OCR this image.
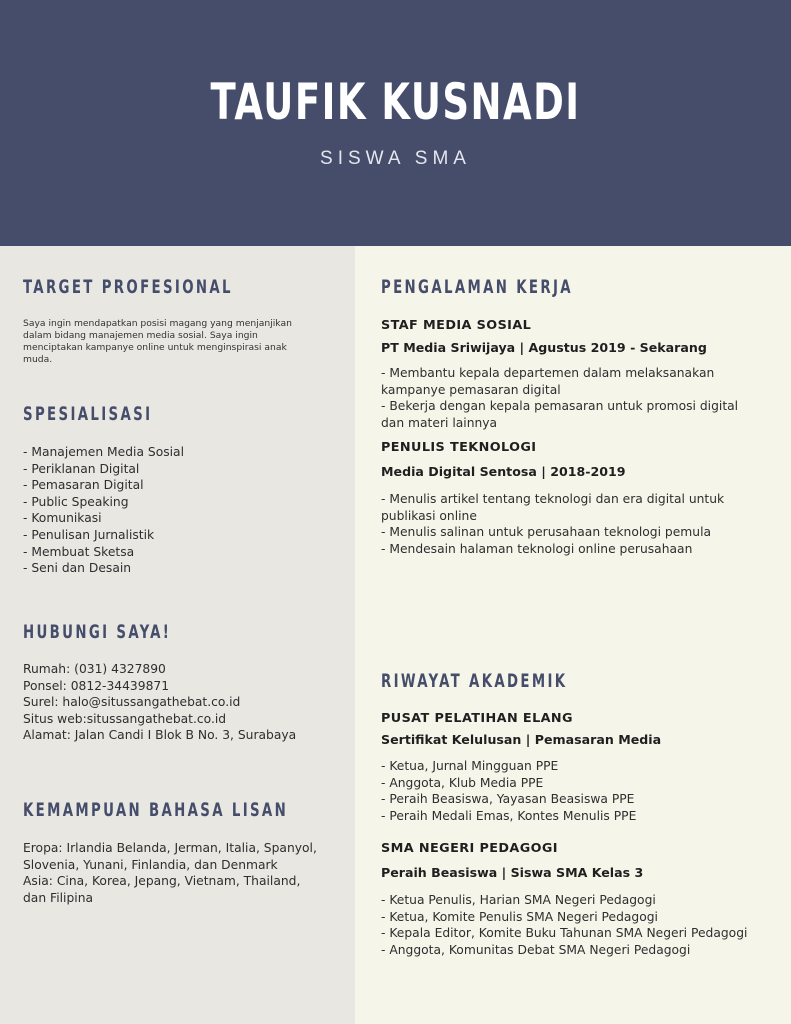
TAUFIK KUSNADI
SISWA SMA
TARGET PROFESIONAL
Saya ingin mendapatkan posisi magang yang menjanjikan dalam bidang manajemen media sosial. Saya ingin menciptakan kampanye online untuk menginspirasi anak muda.
SPESIALISASI
- Manajemen Media Sosial
- Periklanan Digital
- Pemasaran Digital
- Public Speaking
- Komunikasi
- Penulisan Jurnalistik
- Membuat Sketsa
- Seni dan Desain
HUBUNGI SAYA!
Rumah: (031) 4327890
Ponsel: 0812-34439871
Surel: halo@situssangathebat.co.id
Situs web:situssangathebat.co.id
Alamat: Jalan Candi I Blok B No. 3, Surabaya
KEMAMPUAN BAHASA LISAN
Eropa: Irlandia Belanda, Jerman, Italia, Spanyol, Slovenia, Yunani, Finlandia, dan Denmark
Asia: Cina, Korea, Jepang, Vietnam, Thailand, dan Filipina
PENGALAMAN KERJA
STAF MEDIA SOSIAL
PT Media Sriwijaya | Agustus 2019 - Sekarang
- Membantu kepala departemen dalam melaksanakan kampanye pemasaran digital
- Bekerja dengan kepala pemasaran untuk promosi digital dan materi lainnya
PENULIS TEKNOLOGI
Media Digital Sentosa | 2018-2019
- Menulis artikel tentang teknologi dan era digital untuk publikasi online
- Menulis salinan untuk perusahaan teknologi pemula
- Mendesain halaman teknologi online perusahaan
RIWAYAT AKADEMIK
PUSAT PELATIHAN ELANG
Sertifikat Kelulusan | Pemasaran Media
- Ketua, Jurnal Mingguan PPE
- Anggota, Klub Media PPE
- Peraih Beasiswa, Yayasan Beasiswa PPE
- Peraih Medali Emas, Kontes Menulis PPE
SMA NEGERI PEDAGOGI
Peraih Beasiswa | Siswa SMA Kelas 3
- Ketua Penulis, Harian SMA Negeri Pedagogi
- Ketua, Komite Penulis SMA Negeri Pedagogi
- Kepala Editor, Komite Buku Tahunan SMA Negeri Pedagogi
- Anggota, Komunitas Debat SMA Negeri Pedagogi
